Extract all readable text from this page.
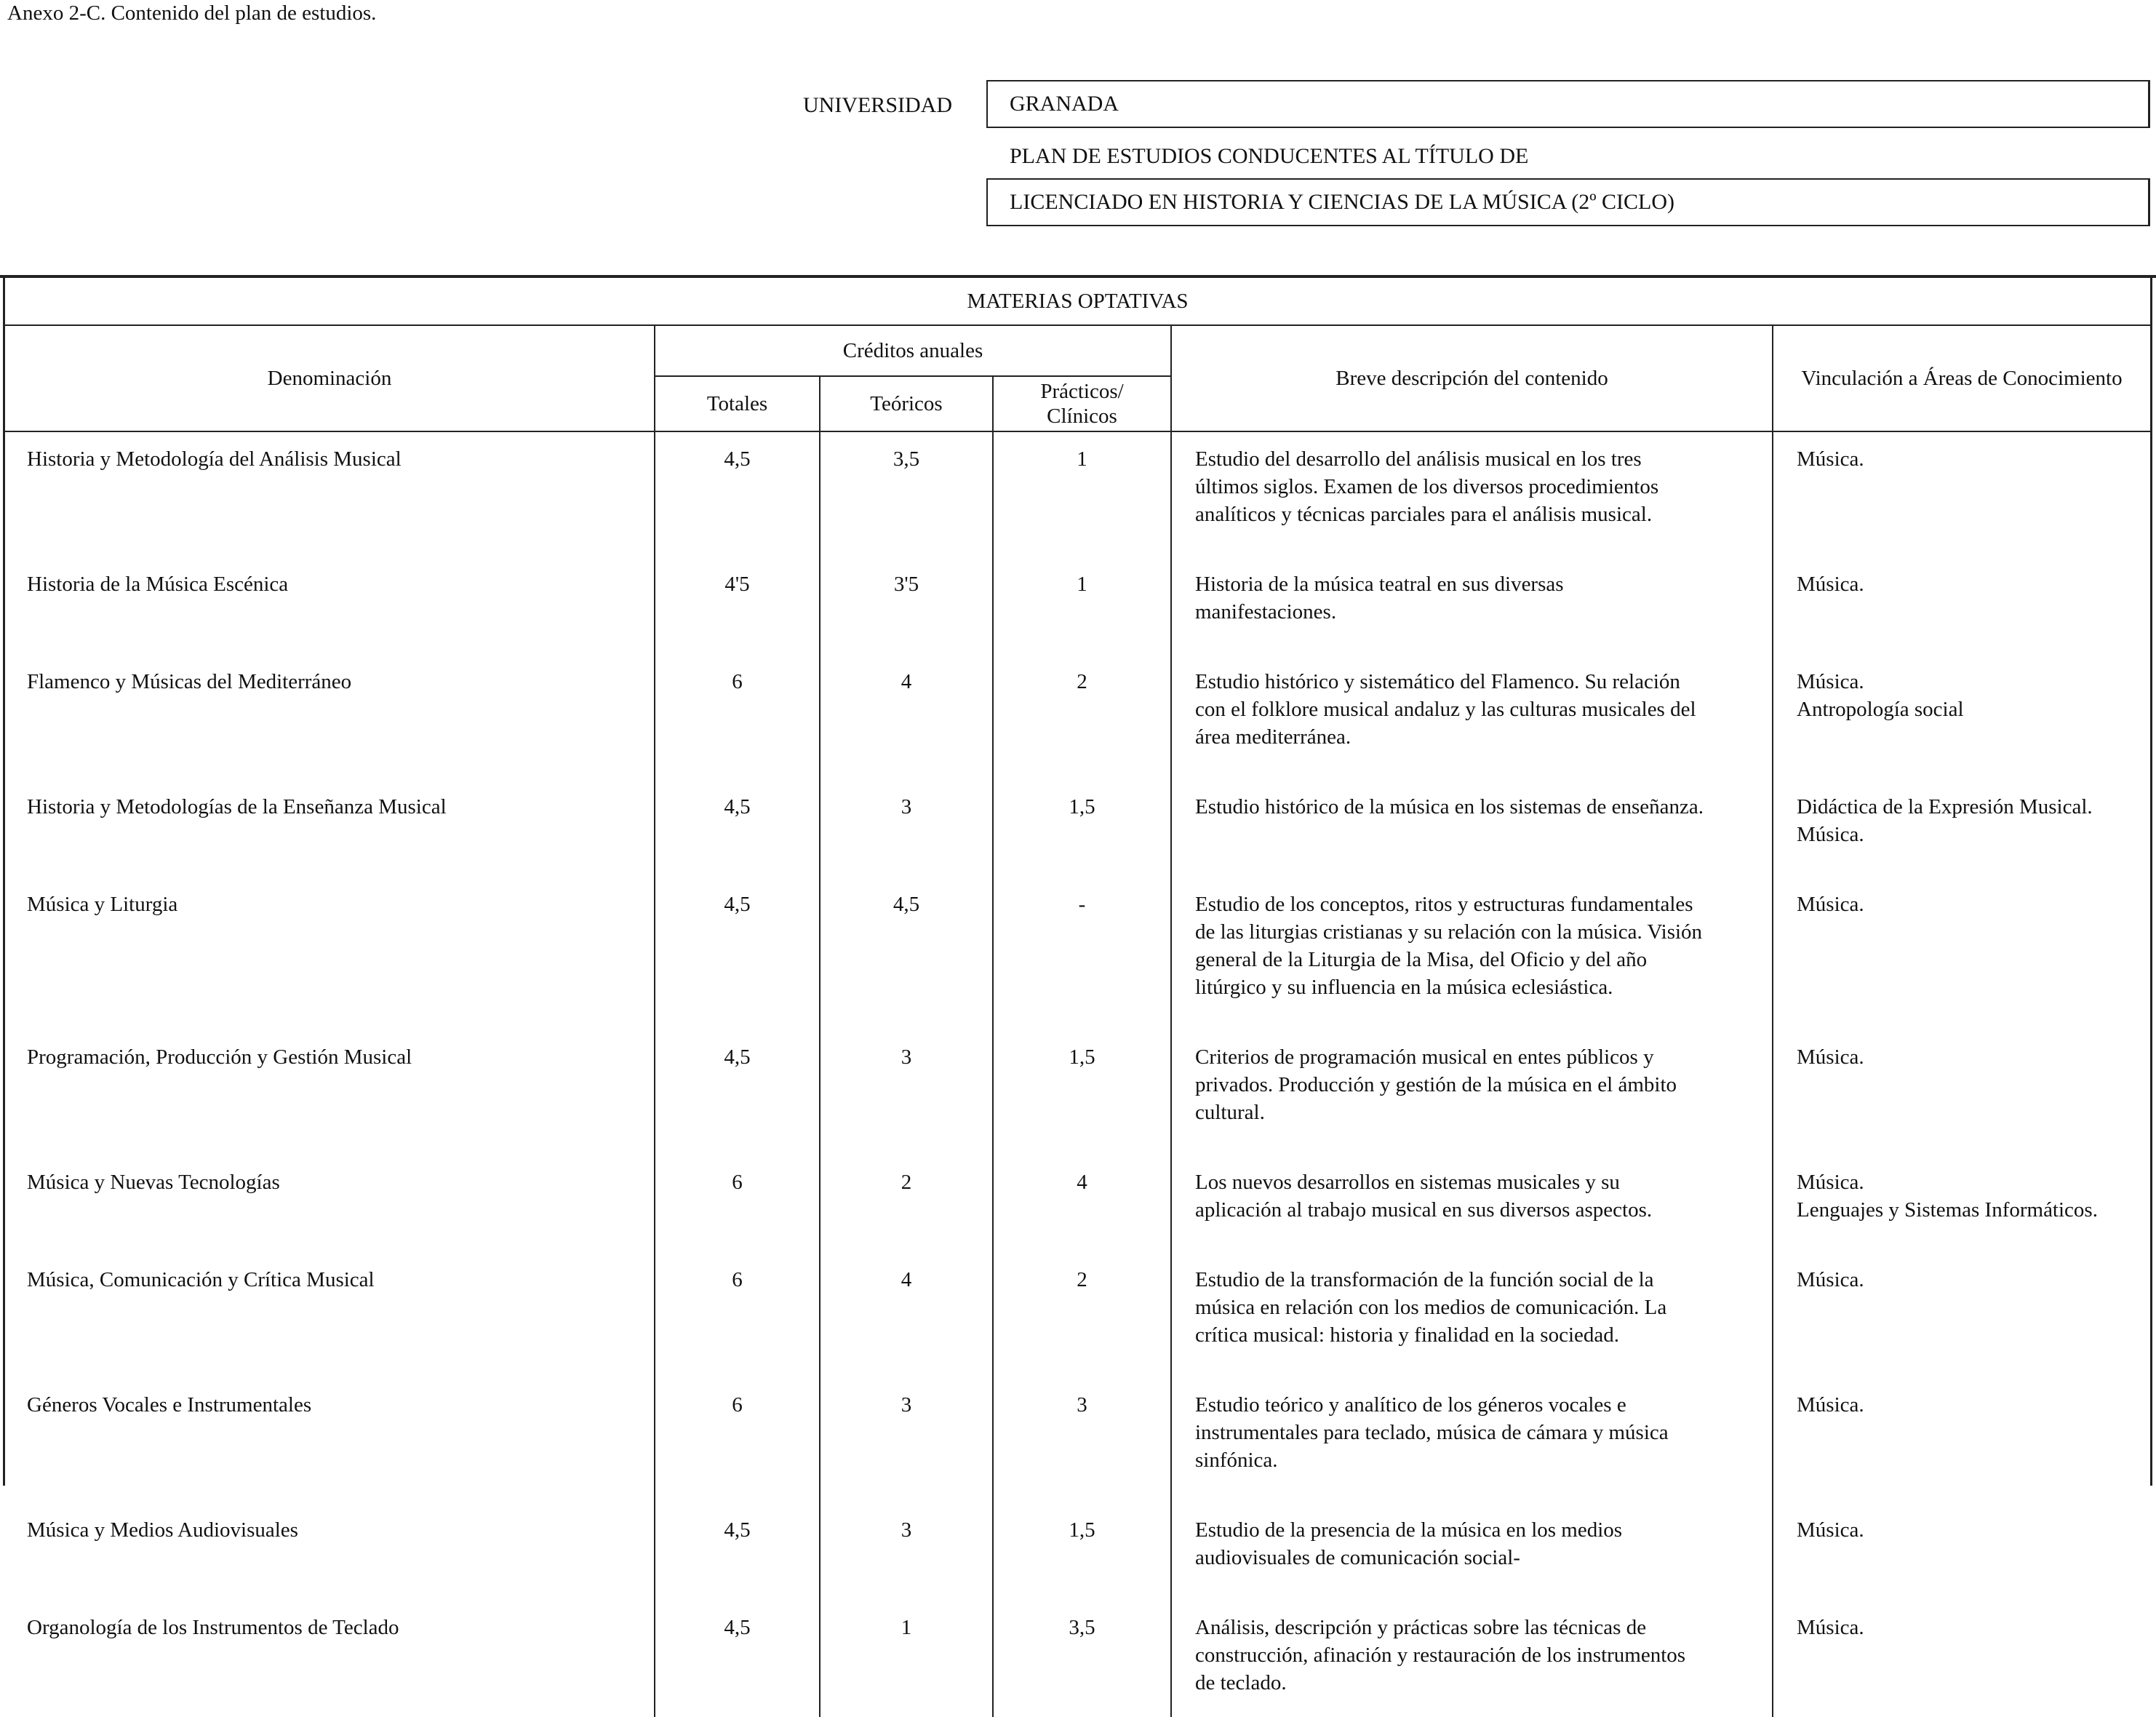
Anexo 2-C. Contenido del plan de estudios.
UNIVERSIDAD	GRANADA
PLAN DE ESTUDIOS CONDUCENTES AL TÍTULO DE
LICENCIADO EN HISTORIA Y CIENCIAS DE LA MÚSICA (2º CICLO)
MATERIAS OPTATIVAS					
Denominación	Créditos anuales			Breve descripción del contenido	Vinculación a Áreas de Conocimiento
	Totales	Teóricos	Prácticos/
Clínicos		

Historia y Metodología del Análisis Musical	4,5	3,5	1	Estudio del desarrollo del análisis musical en los tres
últimos siglos. Examen de los diversos procedimientos
analíticos y técnicas parciales para el análisis musical.	Música.

Historia de la Música Escénica	4'5	3'5	1	Historia de la música teatral en sus diversas
manifestaciones.	Música.

Flamenco y Músicas del Mediterráneo	6	4	2	Estudio histórico y sistemático del Flamenco. Su relación
con el folklore musical andaluz y las culturas musicales del
área mediterránea.	Música.
Antropología social

Historia y Metodologías de la Enseñanza Musical	4,5	3	1,5	Estudio histórico de la música en los sistemas de enseñanza.	Didáctica de la Expresión Musical.
Música.

Música y Liturgia	4,5	4,5	-	Estudio de los conceptos, ritos y estructuras fundamentales
de las liturgias cristianas y su relación con la música. Visión
general de la Liturgia de la Misa, del Oficio y del año
litúrgico y su influencia en la música eclesiástica.	Música.

Programación, Producción y Gestión Musical	4,5	3	1,5	Criterios de programación musical en entes públicos y
privados. Producción y gestión de la música en el ámbito
cultural.	Música.

Música y Nuevas Tecnologías	6	2	4	Los nuevos desarrollos en sistemas musicales y su
aplicación al trabajo musical en sus diversos aspectos.	Música.
Lenguajes y Sistemas Informáticos.

Música, Comunicación y Crítica Musical	6	4	2	Estudio de la transformación de la función social de la
música en relación con los medios de comunicación. La
crítica musical: historia y finalidad en la sociedad.	Música.

Géneros Vocales e Instrumentales	6	3	3	Estudio teórico y analítico de los géneros vocales e
instrumentales para teclado, música de cámara y música
sinfónica.	Música.

Música y Medios Audiovisuales	4,5	3	1,5	Estudio de la presencia de la música en los medios
audiovisuales de comunicación social-	Música.

Organología de los Instrumentos de Teclado	4,5	1	3,5	Análisis, descripción y prácticas sobre las técnicas de
construcción, afinación y restauración de los instrumentos
de teclado.	Música.
